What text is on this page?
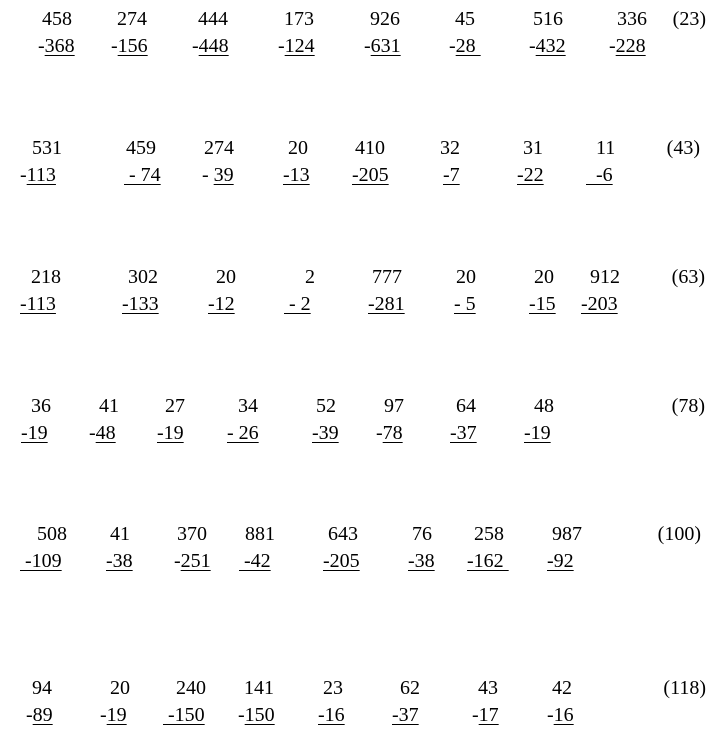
458
-368
274
-156
444
-448
173
-124
926
-631
45
-28
516
-432
336
-228
(23)
531
-113
459
- 74
274
- 39
20
-13
410
-205
32
-7
31
-22
11
-6
(43)
218
-113
302
-133
20
-12
2
- 2
777
-281
20
- 5
20
-15
912
-203
(63)
36
-19
41
-48
27
-19
34
- 26
52
-39
97
-78
64
-37
48
-19
(78)
508
-109
41
-38
370
-251
881
-42
643
-205
76
-38
258
-162
987
-92
(100)
94
-89
20
-19
240
-150
141
-150
23
-16
62
-37
43
-17
42
-16
(118)
